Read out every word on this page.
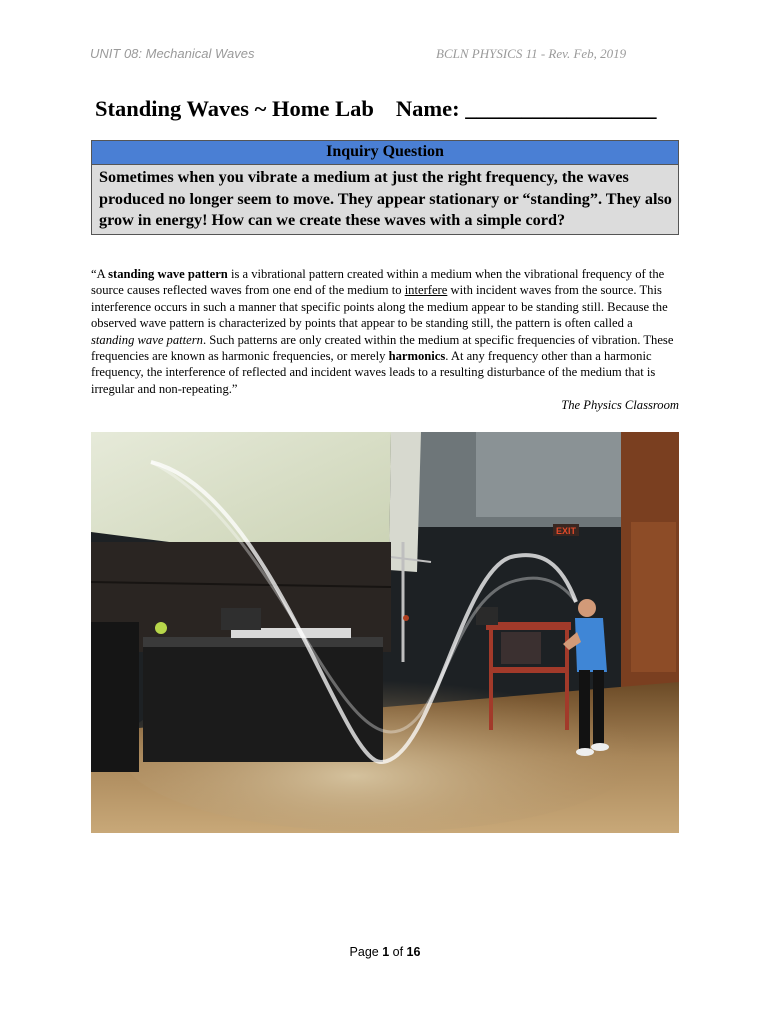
UNIT 08: Mechanical Waves	BCLN PHYSICS 11 - Rev. Feb, 2019
Standing Waves ~ Home Lab Name: _________________
Inquiry Question
Sometimes when you vibrate a medium at just the right frequency, the waves produced no longer seem to move. They appear stationary or “standing”. They also grow in energy! How can we create these waves with a simple cord?
“A standing wave pattern is a vibrational pattern created within a medium when the vibrational frequency of the source causes reflected waves from one end of the medium to interfere with incident waves from the source. This interference occurs in such a manner that specific points along the medium appear to be standing still. Because the observed wave pattern is characterized by points that appear to be standing still, the pattern is often called a standing wave pattern. Such patterns are only created within the medium at specific frequencies of vibration. These frequencies are known as harmonic frequencies, or merely harmonics. At any frequency other than a harmonic frequency, the interference of reflected and incident waves leads to a resulting disturbance of the medium that is irregular and non-repeating.”
The Physics Classroom
EXIT
Page 1 of 16
